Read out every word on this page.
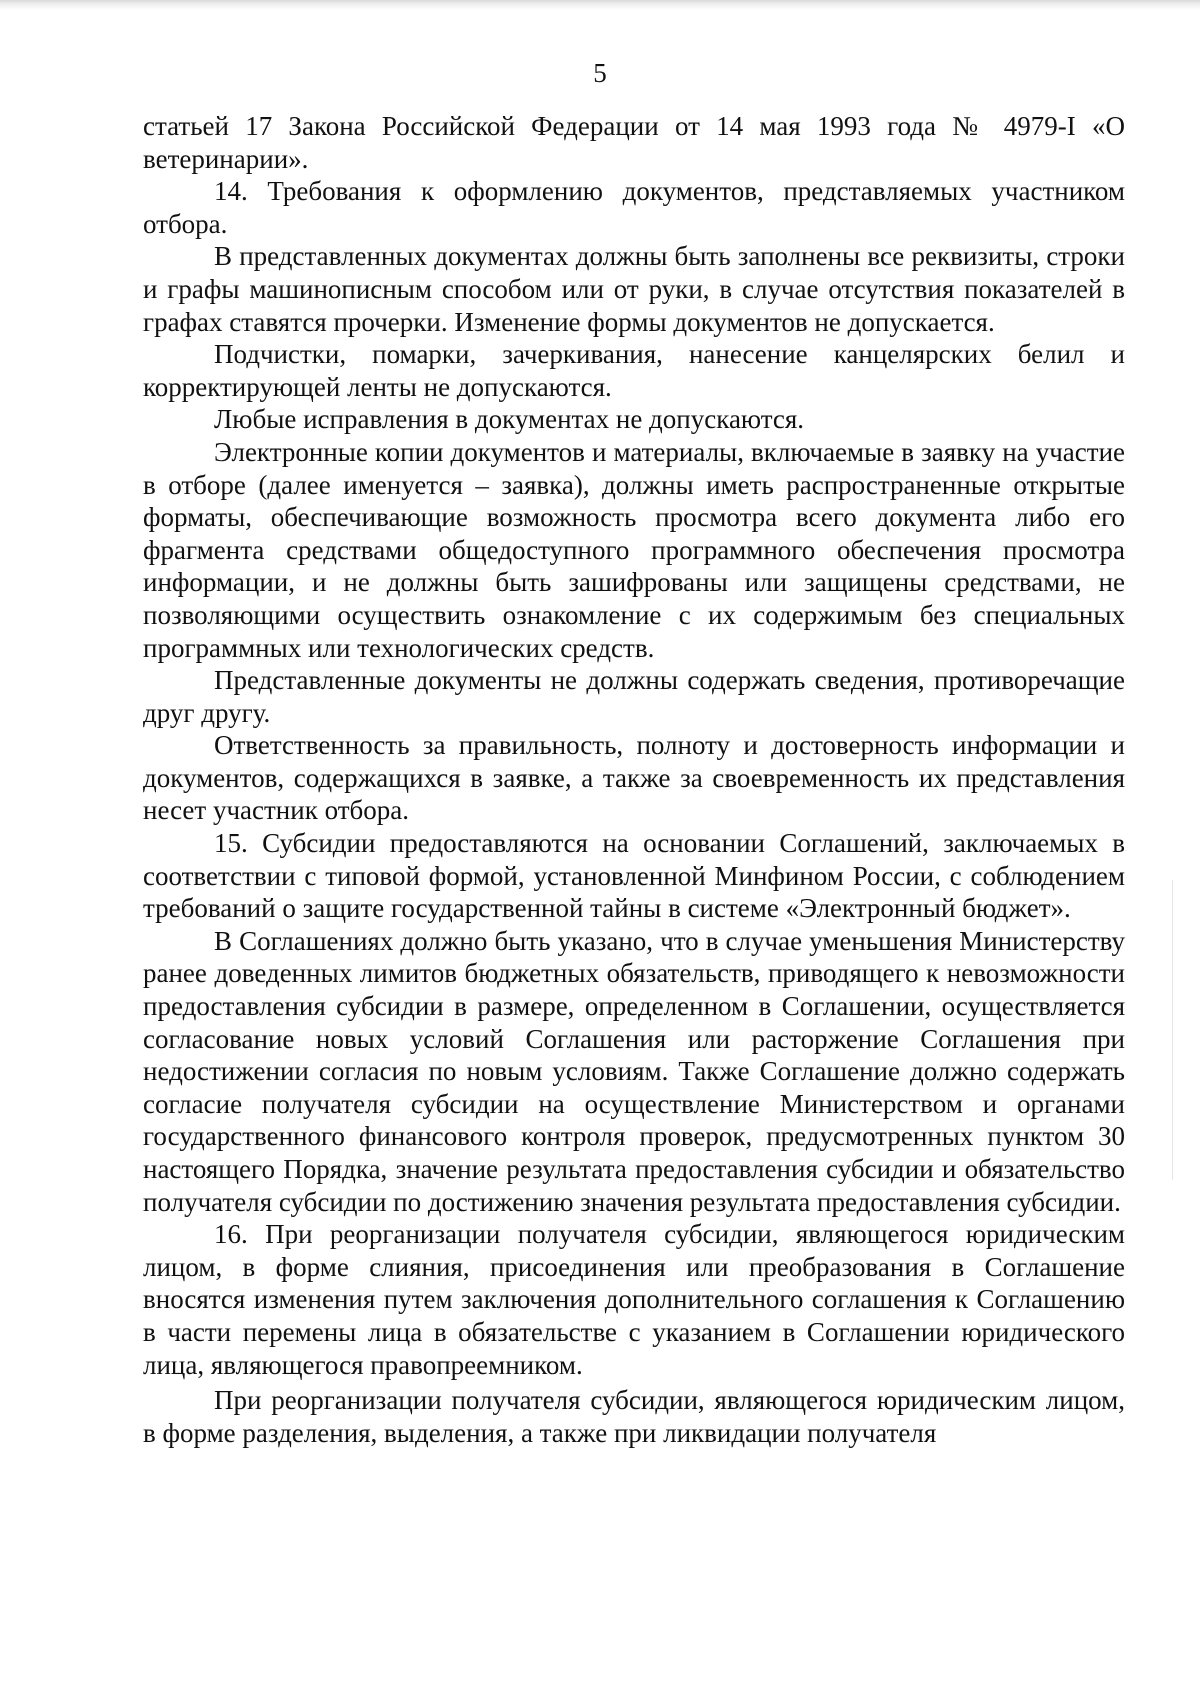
5

статьей 17 Закона Российской Федерации от 14 мая 1993 года № 4979-I «О ветеринарии».

14. Требования к оформлению документов, представляемых участником отбора.

В представленных документах должны быть заполнены все реквизиты, строки и графы машинописным способом или от руки, в случае отсутствия показателей в графах ставятся прочерки. Изменение формы документов не допускается.

Подчистки, помарки, зачеркивания, нанесение канцелярских белил и корректирующей ленты не допускаются.

Любые исправления в документах не допускаются.

Электронные копии документов и материалы, включаемые в заявку на участие в отборе (далее именуется – заявка), должны иметь распространенные открытые форматы, обеспечивающие возможность просмотра всего документа либо его фрагмента средствами общедоступного программного обеспечения просмотра информации, и не должны быть зашифрованы или защищены средствами, не позволяющими осуществить ознакомление с их содержимым без специальных программных или технологических средств.

Представленные документы не должны содержать сведения, противоречащие друг другу.

Ответственность за правильность, полноту и достоверность информации и документов, содержащихся в заявке, а также за своевременность их представления несет участник отбора.

15. Субсидии предоставляются на основании Соглашений, заключаемых в соответствии с типовой формой, установленной Минфином России, с соблюдением требований о защите государственной тайны в системе «Электронный бюджет».

В Соглашениях должно быть указано, что в случае уменьшения Министерству ранее доведенных лимитов бюджетных обязательств, приводящего к невозможности предоставления субсидии в размере, определенном в Соглашении, осуществляется согласование новых условий Соглашения или расторжение Соглашения при недостижении согласия по новым условиям. Также Соглашение должно содержать согласие получателя субсидии на осуществление Министерством и органами государственного финансового контроля проверок, предусмотренных пунктом 30 настоящего Порядка, значение результата предоставления субсидии и обязательство получателя субсидии по достижению значения результата предоставления субсидии.

16. При реорганизации получателя субсидии, являющегося юридическим лицом, в форме слияния, присоединения или преобразования в Соглашение вносятся изменения путем заключения дополнительного соглашения к Соглашению в части перемены лица в обязательстве с указанием в Соглашении юридического лица, являющегося правопреемником.

При реорганизации получателя субсидии, являющегося юридическим лицом, в форме разделения, выделения, а также при ликвидации получателя
